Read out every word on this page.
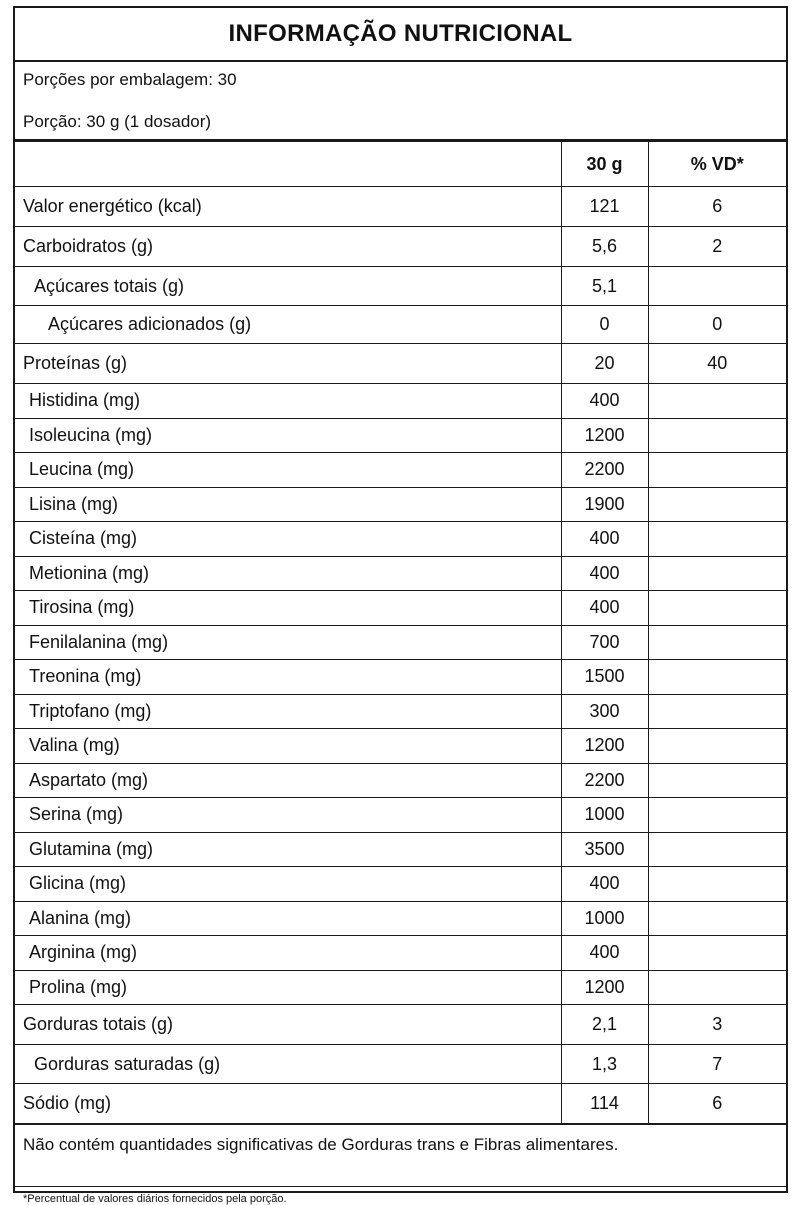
INFORMAÇÃO NUTRICIONAL
Porções por embalagem: 30
Porção: 30 g (1 dosador)
	30 g	% VD*
Valor energético (kcal)	121	6
Carboidratos (g)	5,6	2
Açúcares totais (g)	5,1	
Açúcares adicionados (g)	0	0
Proteínas (g)	20	40
Histidina (mg)	400	
Isoleucina (mg)	1200	
Leucina (mg)	2200	
Lisina (mg)	1900	
Cisteína (mg)	400	
Metionina (mg)	400	
Tirosina (mg)	400	
Fenilalanina (mg)	700	
Treonina (mg)	1500	
Triptofano (mg)	300	
Valina (mg)	1200	
Aspartato (mg)	2200	
Serina (mg)	1000	
Glutamina (mg)	3500	
Glicina (mg)	400	
Alanina (mg)	1000	
Arginina (mg)	400	
Prolina (mg)	1200	
Gorduras totais (g)	2,1	3
Gorduras saturadas (g)	1,3	7
Sódio (mg)	114	6
Não contém quantidades significativas de Gorduras trans e Fibras alimentares.
*Percentual de valores diários fornecidos pela porção.
